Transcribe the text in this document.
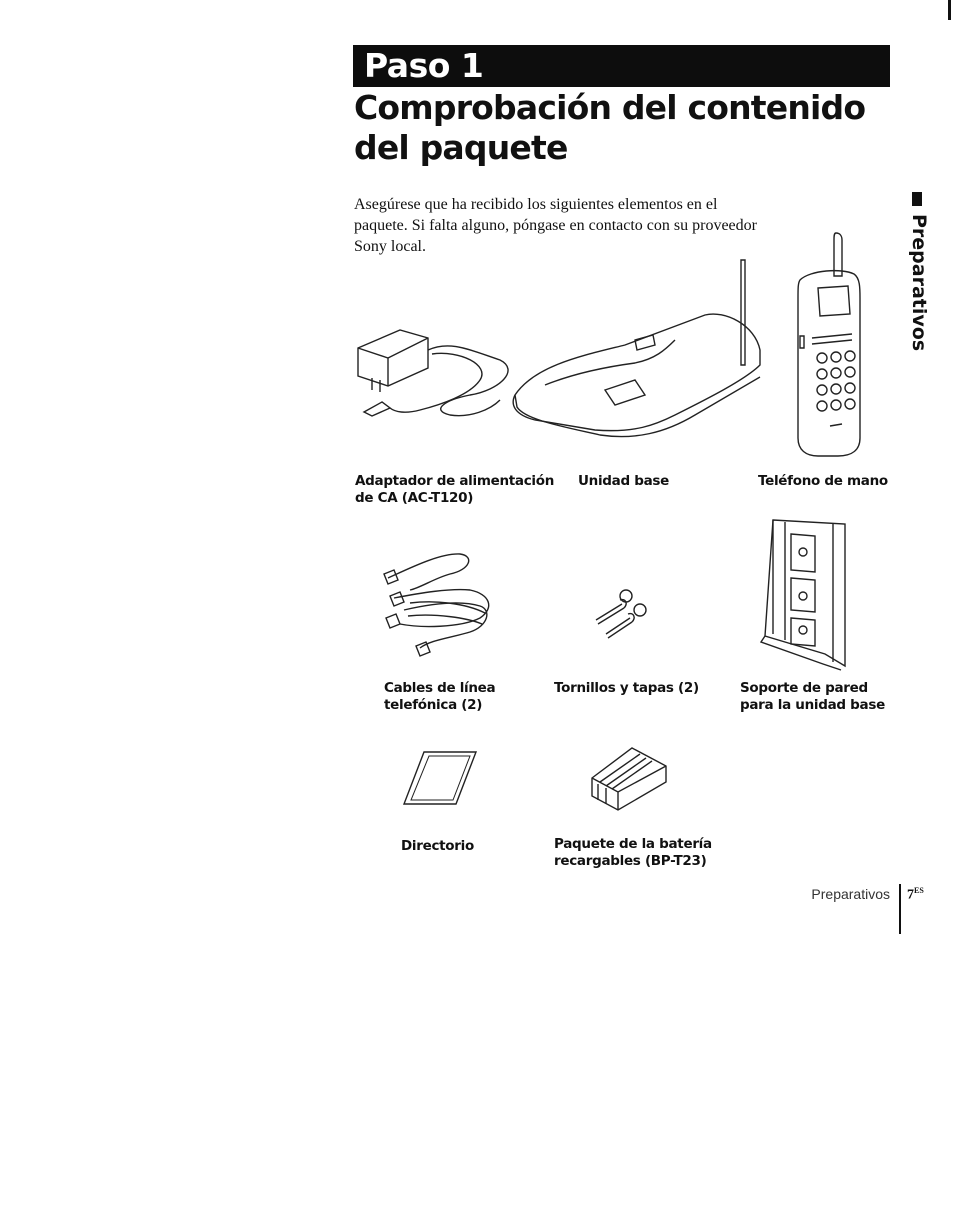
Paso 1
Comprobación del contenido del paquete

Asegúrese que ha recibido los siguientes elementos en el paquete. Si falta alguno, póngase en contacto con su proveedor Sony local.	Preparativos

Adaptador de alimentación

de CA (AC-T120)

Unidad base	Teléfono de mano

Cables de línea

telefónica (2)

Tornillos y tapas (2)	Soporte de pared

para la unidad base

Directorio	Paquete de la batería

recargables (BP-T23)

Preparativos $7^{ES}$
